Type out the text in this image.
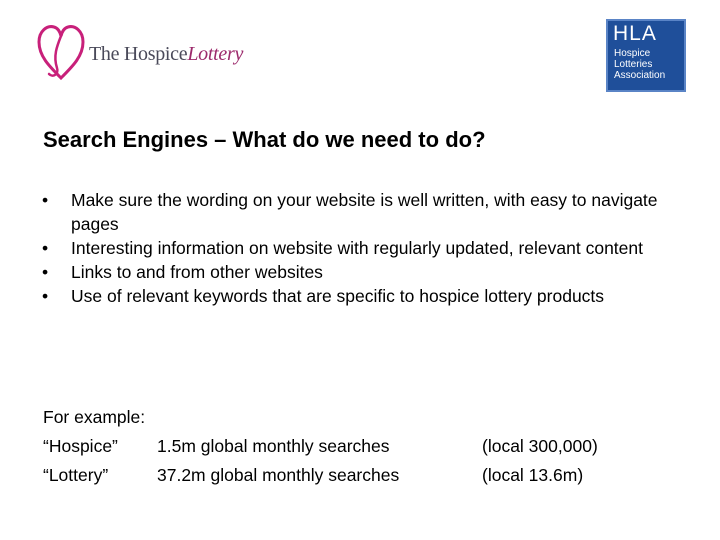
The HospiceLottery
HLA
Hospice
Lotteries
Association
Search Engines – What do we need to do?
• Make sure the wording on your website is well written, with easy to navigate pages
• Interesting information on website with regularly updated, relevant content
• Links to and from other websites
• Use of relevant keywords that are specific to hospice lottery products
For example:
“Hospice” 1.5m global monthly searches	(local 300,000)
“Lottery”	37.2m global monthly searches	(local 13.6m)
